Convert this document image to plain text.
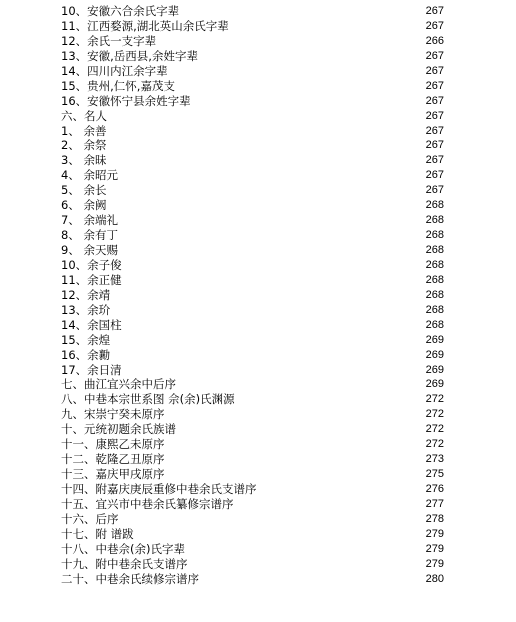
10、安徽六合余氏字辈	267
11、江西婺源,湖北英山余氏字辈	267
12、余氏一支字辈	266
13、安徽,岳西县,余姓字辈	267
14、四川内江余字辈	267
15、贵州,仁怀,嘉茂支	267
16、安徽怀宁县余姓字辈	267
六、名人	267
1、 余善	267
2、 余祭	267
3、 余昧	267
4、 余昭元	267
5、 余长	267
6、 余阙	268
7、 余端礼	268
8、 余有丁	268
9、 余天赐	268
10、余子俊	268
11、余正健	268
12、余靖	268
13、余玠	268
14、余国柱	268
15、余煌	269
16、余勷	269
17、余日清	269
七、曲江宜兴余中后序	269
八、中巷本宗世系图 佘(余)氏渊源	272
九、宋崇宁癸未原序	272
十、元统初题余氏族谱	272
十一、康熙乙未原序	272
十二、乾隆乙丑原序	273
十三、嘉庆甲戌原序	275
十四、附嘉庆庚辰重修中巷余氏支谱序	276
十五、宜兴市中巷余氏纂修宗谱序	277
十六、后序	278
十七、附 谱跋	279
十八、中巷佘(余)氏字辈	279
十九、附中巷余氏支谱序	279
二十、中巷余氏续修宗谱序	280
